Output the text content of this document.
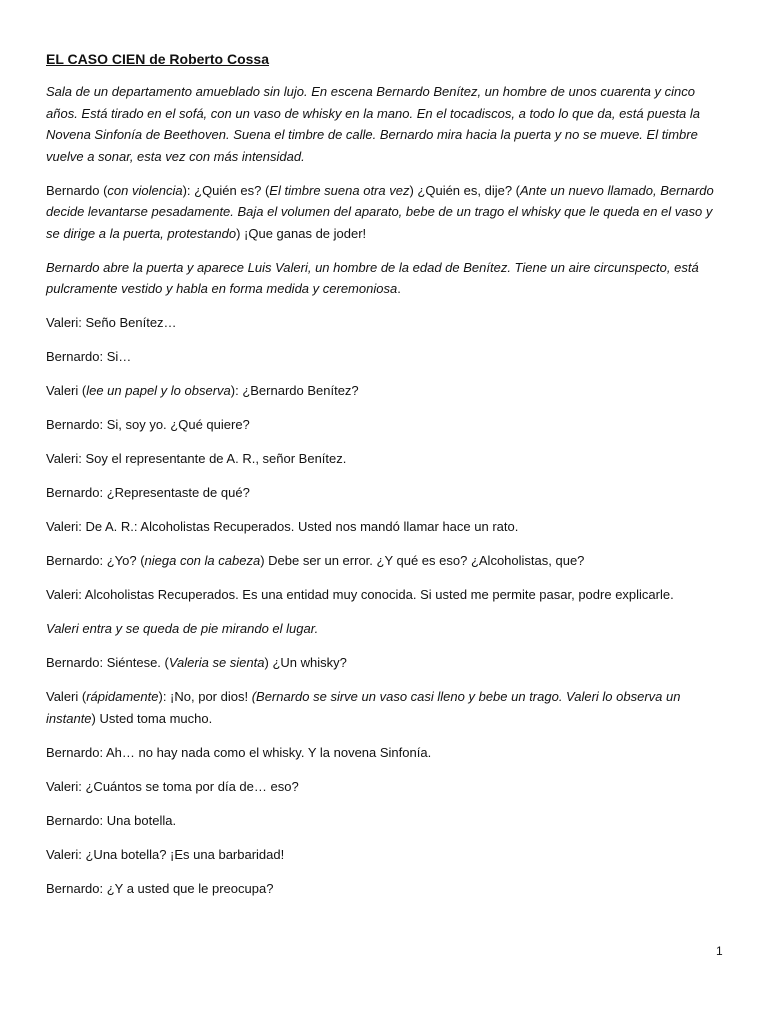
EL CASO CIEN de Roberto Cossa

Sala de un departamento amueblado sin lujo. En escena Bernardo Benítez, un hombre de unos cuarenta y cinco años. Está tirado en el sofá, con un vaso de whisky en la mano. En el tocadiscos, a todo lo que da, está puesta la Novena Sinfonía de Beethoven. Suena el timbre de calle. Bernardo mira hacia la puerta y no se mueve. El timbre vuelve a sonar, esta vez con más intensidad.

Bernardo (con violencia): ¿Quién es? (El timbre suena otra vez) ¿Quién es, dije? (Ante un nuevo llamado, Bernardo decide levantarse pesadamente. Baja el volumen del aparato, bebe de un trago el whisky que le queda en el vaso y se dirige a la puerta, protestando) ¡Que ganas de joder!

Bernardo abre la puerta y aparece Luis Valeri, un hombre de la edad de Benítez. Tiene un aire circunspecto, está pulcramente vestido y habla en forma medida y ceremoniosa.

Valeri: Seño Benítez…

Bernardo: Si…

Valeri (lee un papel y lo observa): ¿Bernardo Benítez?

Bernardo: Si, soy yo. ¿Qué quiere?

Valeri: Soy el representante de A. R., señor Benítez.

Bernardo: ¿Representaste de qué?

Valeri: De A. R.: Alcoholistas Recuperados. Usted nos mandó llamar hace un rato.

Bernardo: ¿Yo? (niega con la cabeza) Debe ser un error. ¿Y qué es eso? ¿Alcoholistas, que?

Valeri: Alcoholistas Recuperados. Es una entidad muy conocida. Si usted me permite pasar, podre explicarle.

Valeri entra y se queda de pie mirando el lugar.

Bernardo: Siéntese. (Valeria se sienta) ¿Un whisky?

Valeri (rápidamente): ¡No, por dios! (Bernardo se sirve un vaso casi lleno y bebe un trago. Valeri lo observa un instante) Usted toma mucho.

Bernardo: Ah… no hay nada como el whisky. Y la novena Sinfonía.

Valeri: ¿Cuántos se toma por día de… eso?

Bernardo: Una botella.

Valeri: ¿Una botella? ¡Es una barbaridad!

Bernardo: ¿Y a usted que le preocupa?

1
